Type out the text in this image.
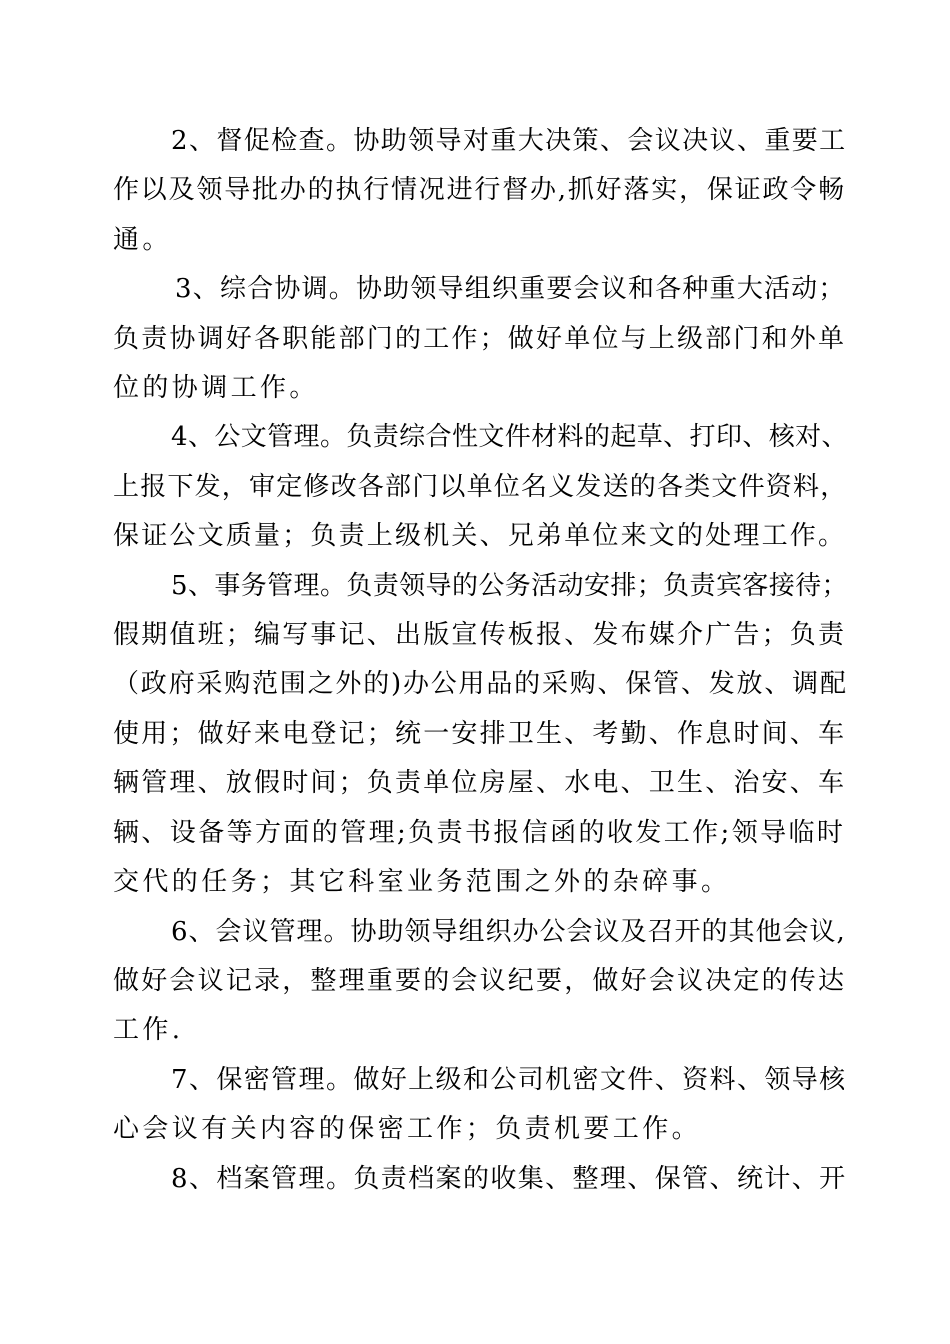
2、督促检查。协助领导对重大决策、会议决议、重要工
作以及领导批办的执行情况进行督办,抓好落实，保证政令畅
通。

3、综合协调。协助领导组织重要会议和各种重大活动；
负责协调好各职能部门的工作；做好单位与上级部门和外单
位的协调工作。

4、公文管理。负责综合性文件材料的起草、打印、核对、
上报下发，审定修改各部门以单位名义发送的各类文件资料，
保证公文质量；负责上级机关、兄弟单位来文的处理工作。

5、事务管理。负责领导的公务活动安排；负责宾客接待；
假期值班；编写事记、出版宣传板报、发布媒介广告；负责
（政府采购范围之外的)办公用品的采购、保管、发放、调配
使用；做好来电登记；统一安排卫生、考勤、作息时间、车
辆管理、放假时间；负责单位房屋、水电、卫生、治安、车
辆、设备等方面的管理;负责书报信函的收发工作;领导临时
交代的任务；其它科室业务范围之外的杂碎事。

6、会议管理。协助领导组织办公会议及召开的其他会议,
做好会议记录，整理重要的会议纪要，做好会议决定的传达
工作.

7、保密管理。做好上级和公司机密文件、资料、领导核
心会议有关内容的保密工作；负责机要工作。

8、档案管理。负责档案的收集、整理、保管、统计、开
